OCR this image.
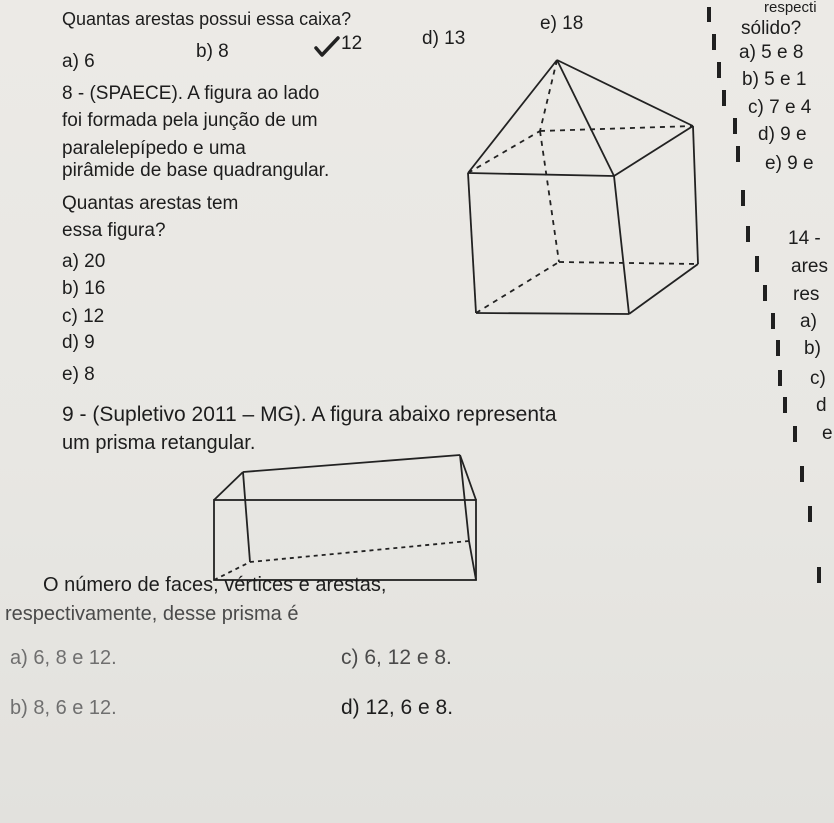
Quantas arestas possui essa caixa?
a) 6	b) 8	12	d) 13
e) 18
8 - (SPAECE). A figura ao lado
foi formada pela junção de um
paralelepípedo e uma
pirâmide de base quadrangular.
Quantas arestas tem
essa figura?
a) 20
b) 16
c) 12
d) 9
e) 8
respecti
sólido?
a) 5 e 8
b) 5 e 1
c) 7 e 4
d) 9 e
e) 9 e
14 -
ares
res
a)
b)
c)
d
e
9 - (Supletivo 2011 – MG). A figura abaixo representa
um prisma retangular.
O número de faces, vértices e arestas,
respectivamente, desse prisma é
a) 6, 8 e 12.
b) 8, 6 e 12.
c) 6, 12 e 8.
d) 12, 6 e 8.
